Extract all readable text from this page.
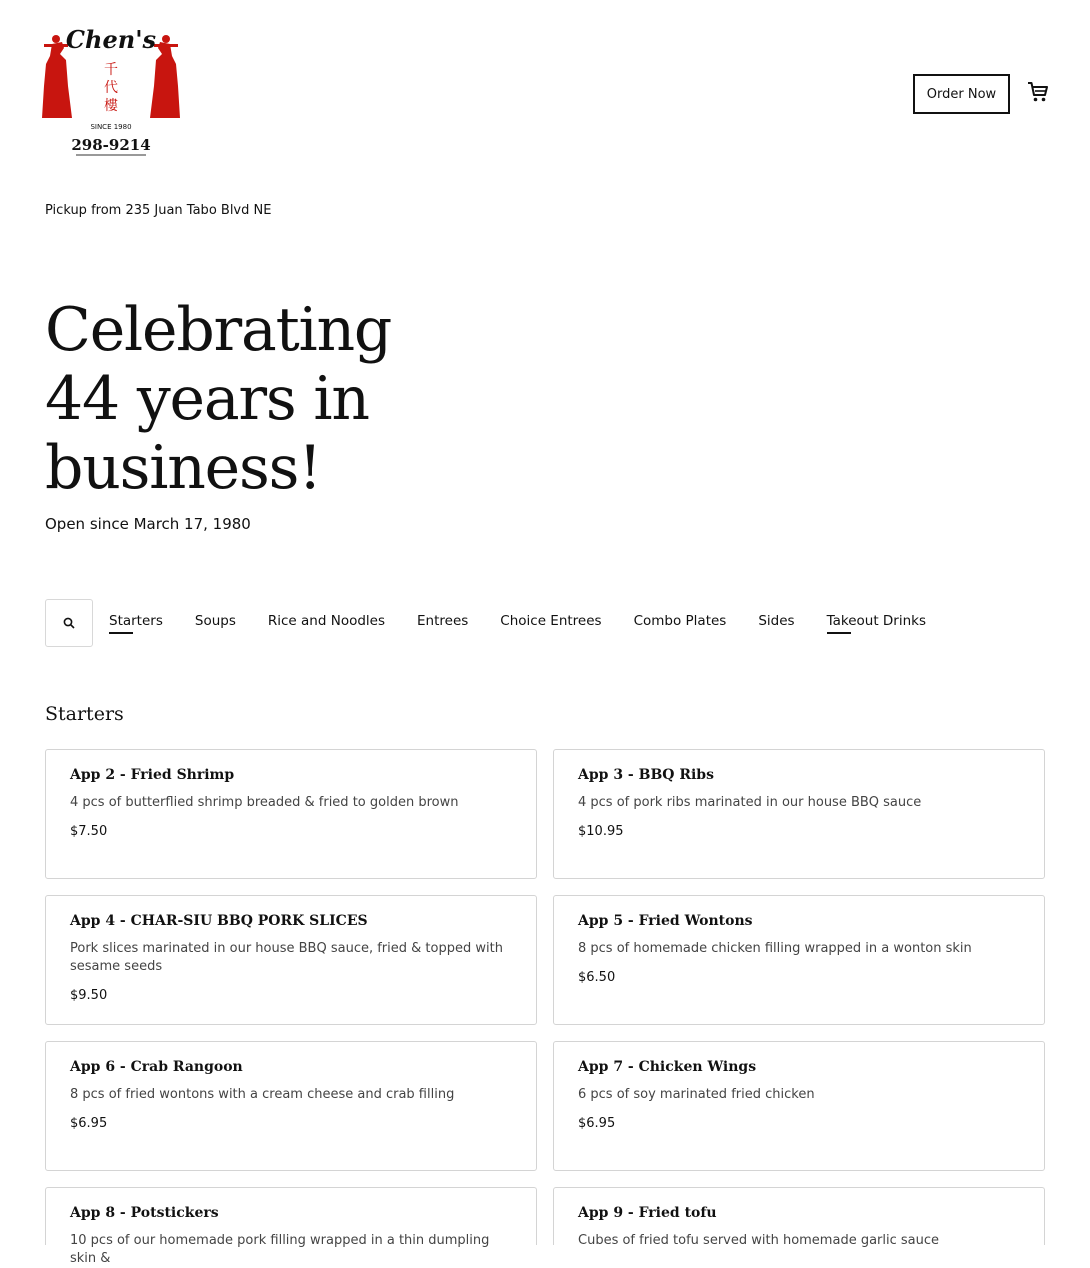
Chen's
千
代
樓
SINCE 1980
298-9214
Order Now
Pickup from 235 Juan Tabo Blvd NE
Celebrating 44 years in business!
Open since March 17, 1980
Starters Soups Rice and Noodles Entrees Choice Entrees Combo Plates Sides Takeout Drinks
Starters
App 2 - Fried Shrimp
4 pcs of butterflied shrimp breaded & fried to golden brown
$7.50
App 3 - BBQ Ribs
4 pcs of pork ribs marinated in our house BBQ sauce
$10.95
App 4 - CHAR-SIU BBQ PORK SLICES
Pork slices marinated in our house BBQ sauce, fried & topped with sesame seeds
$9.50
App 5 - Fried Wontons
8 pcs of homemade chicken filling wrapped in a wonton skin
$6.50
App 6 - Crab Rangoon
8 pcs of fried wontons with a cream cheese and crab filling
$6.95
App 7 - Chicken Wings
6 pcs of soy marinated fried chicken
$6.95
App 8 - Potstickers
10 pcs of our homemade pork filling wrapped in a thin dumpling skin &
App 9 - Fried tofu
Cubes of fried tofu served with homemade garlic sauce
